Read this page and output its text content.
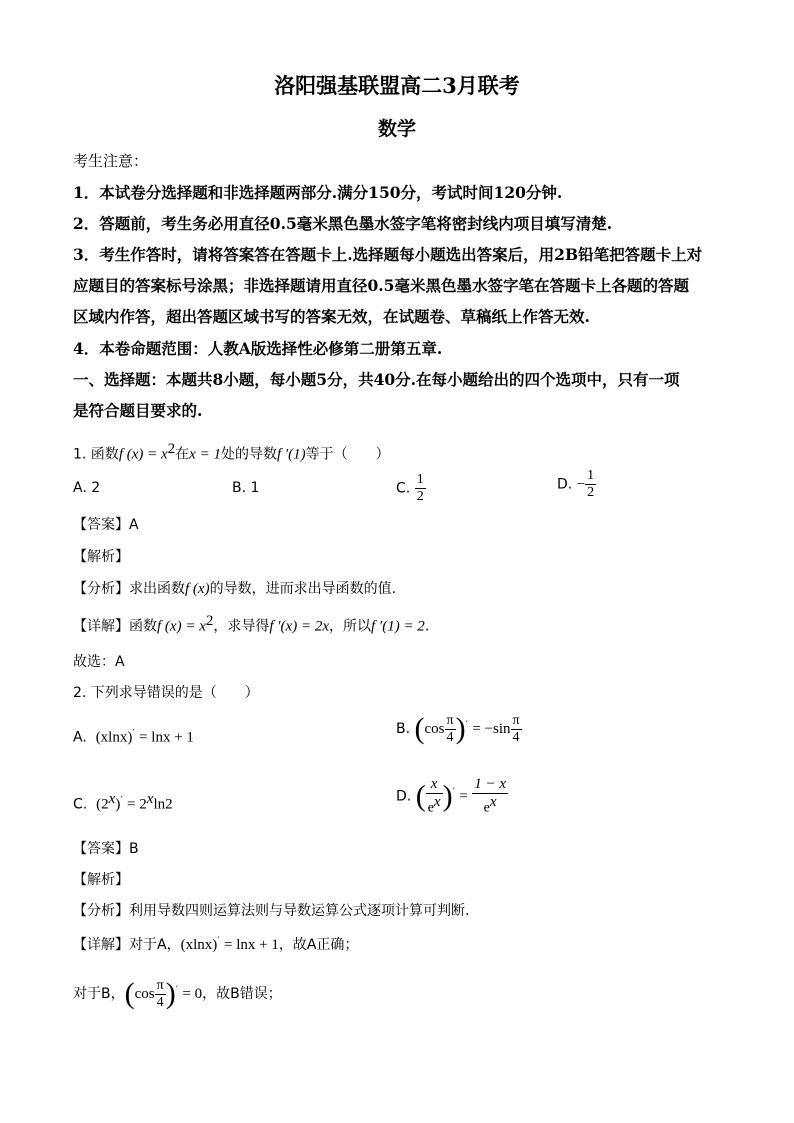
洛阳强基联盟高二3月联考
数学
考生注意：
1．本试卷分选择题和非选择题两部分.满分150分，考试时间120分钟.
2．答题前，考生务必用直径0.5毫米黑色墨水签字笔将密封线内项目填写清楚.
3．考生作答时，请将答案答在答题卡上.选择题每小题选出答案后，用2B铅笔把答题卡上对
应题目的答案标号涂黑；非选择题请用直径0.5毫米黑色墨水签字笔在答题卡上各题的答题
区域内作答，超出答题区域书写的答案无效，在试题卷、草稿纸上作答无效.
4．本卷命题范围：人教A版选择性必修第二册第五章.
一、选择题：本题共8小题，每小题5分，共40分.在每小题给出的四个选项中，只有一项
是符合题目要求的.
1. 函数f $(x) = x^2$在x = 1处的导数f ′(1)等于（　　）
A. 2	B. 1	C. $\frac{1}{2}$	D. − $\frac{1}{2}$
【答案】A
【解析】
【分析】求出函数f (x)的导数，进而求出导函数的值.
【详解】函数f $(x) = x^2$，求导得f ′(x) = 2x，所以f ′(1) = 2.
故选：A
2. 下列求导错误的是（　　）
A. (xlnx)′ = lnx + 1
B. $(\cos \frac{\pi}{4} )' = -\sin \frac{\pi}{4}$
C. $(2^x)' = 2^x\ln 2$
D. ( $\frac{x}{e^x} )' = \frac{1 - x}{e^x}$
【答案】B
【解析】
【分析】利用导数四则运算法则与导数运算公式逐项计算可判断.
【详解】对于A，(xlnx)′ = lnx + 1，故A正确；
对于B，$(\cos \frac{\pi}{4} )' = 0$，故B错误；
